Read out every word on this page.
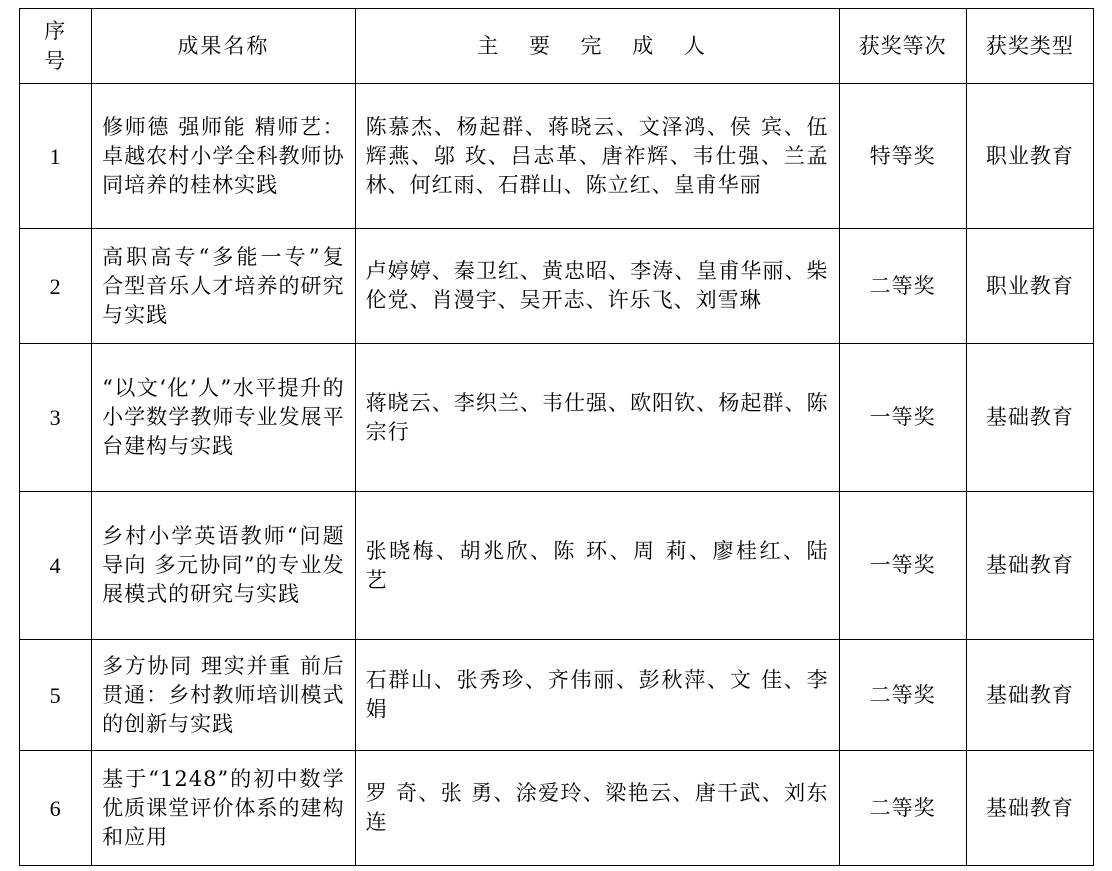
序号	成果名称	主 要 完 成 人	获奖等次	获奖类型
1	修师德 强师能 精师艺：卓越农村小学全科教师协同培养的桂林实践	陈慕杰、杨起群、蒋晓云、文泽鸿、侯 宾、伍辉燕、邬 玫、吕志革、唐祚辉、韦仕强、兰孟林、何红雨、石群山、陈立红、皇甫华丽	特等奖	职业教育
2	高职高专“多能一专”复合型音乐人才培养的研究与实践	卢婷婷、秦卫红、黄忠昭、李涛、皇甫华丽、柴伦党、肖漫宇、吴开志、许乐飞、刘雪琳	二等奖	职业教育
3	“以文‘化’人”水平提升的小学数学教师专业发展平台建构与实践	蒋晓云、李织兰、韦仕强、欧阳钦、杨起群、陈宗行	一等奖	基础教育
4	乡村小学英语教师“问题导向 多元协同”的专业发展模式的研究与实践	张晓梅、胡兆欣、陈 环、周 莉、廖桂红、陆 艺	一等奖	基础教育
5	多方协同 理实并重 前后贯通：乡村教师培训模式的创新与实践	石群山、张秀珍、齐伟丽、彭秋萍、文 佳、李 娟	二等奖	基础教育
6	基于“1248”的初中数学优质课堂评价体系的建构和应用	罗 奇、张 勇、涂爱玲、梁艳云、唐干武、刘东连	二等奖	基础教育
